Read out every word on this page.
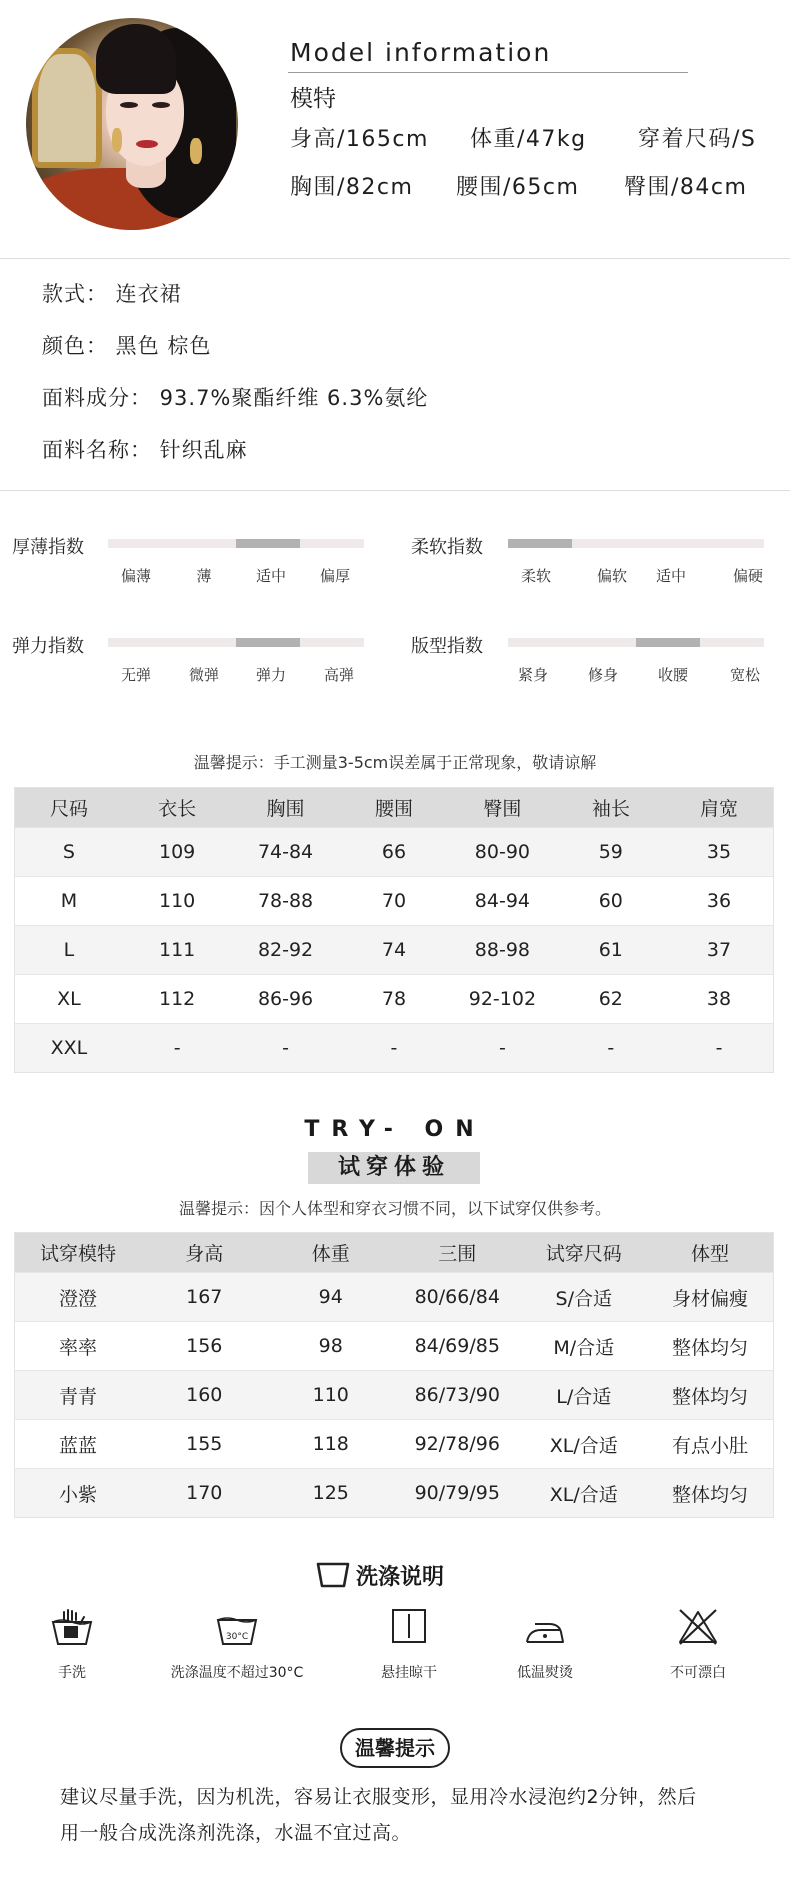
Model information
模特
身高/165cm 体重/47kg 穿着尺码/S
胸围/82cm 腰围/65cm 臀围/84cm
款式： 连衣裙
颜色： 黑色 棕色
面料成分： 93.7%聚酯纤维 6.3%氨纶
面料名称： 针织乱麻
厚薄指数
偏薄	薄	适中 偏厚
柔软指数
柔软	偏软 适中	偏硬
弹力指数
无弹	微弹 弹力	高弹
版型指数
紧身	修身	收腰	宽松
温馨提示：手工测量3-5cm误差属于正常现象，敬请谅解
尺码	衣长	胸围	腰围	臀围	袖长	肩宽
S	109	74-84	66	80-90	59	35
M	110	78-88	70	84-94	60	36
L	111	82-92	74	88-98	61	37
XL	112	86-96	78	92-102	62	38
XXL	-	-	-	-	-	-
TRY- ON
试穿体验
温馨提示：因个人体型和穿衣习惯不同，以下试穿仅供参考。
试穿模特	身高	体重	三围	试穿尺码	体型
澄澄	167	94	80/66/84	S/合适	身材偏瘦
率率	156	98	84/69/85	M/合适	整体均匀
青青	160	110	86/73/90	L/合适	整体均匀
蓝蓝	155	118	92/78/96	XL/合适	有点小肚
小紫	170	125	90/79/95	XL/合适	整体均匀
洗涤说明
手洗
30°C
洗涤温度不超过30°C	悬挂晾干	低温熨烫	不可漂白
温馨提示
建议尽量手洗，因为机洗，容易让衣服变形，显用冷水浸泡约2分钟，然后
用一般合成洗涤剂洗涤，水温不宜过高。
